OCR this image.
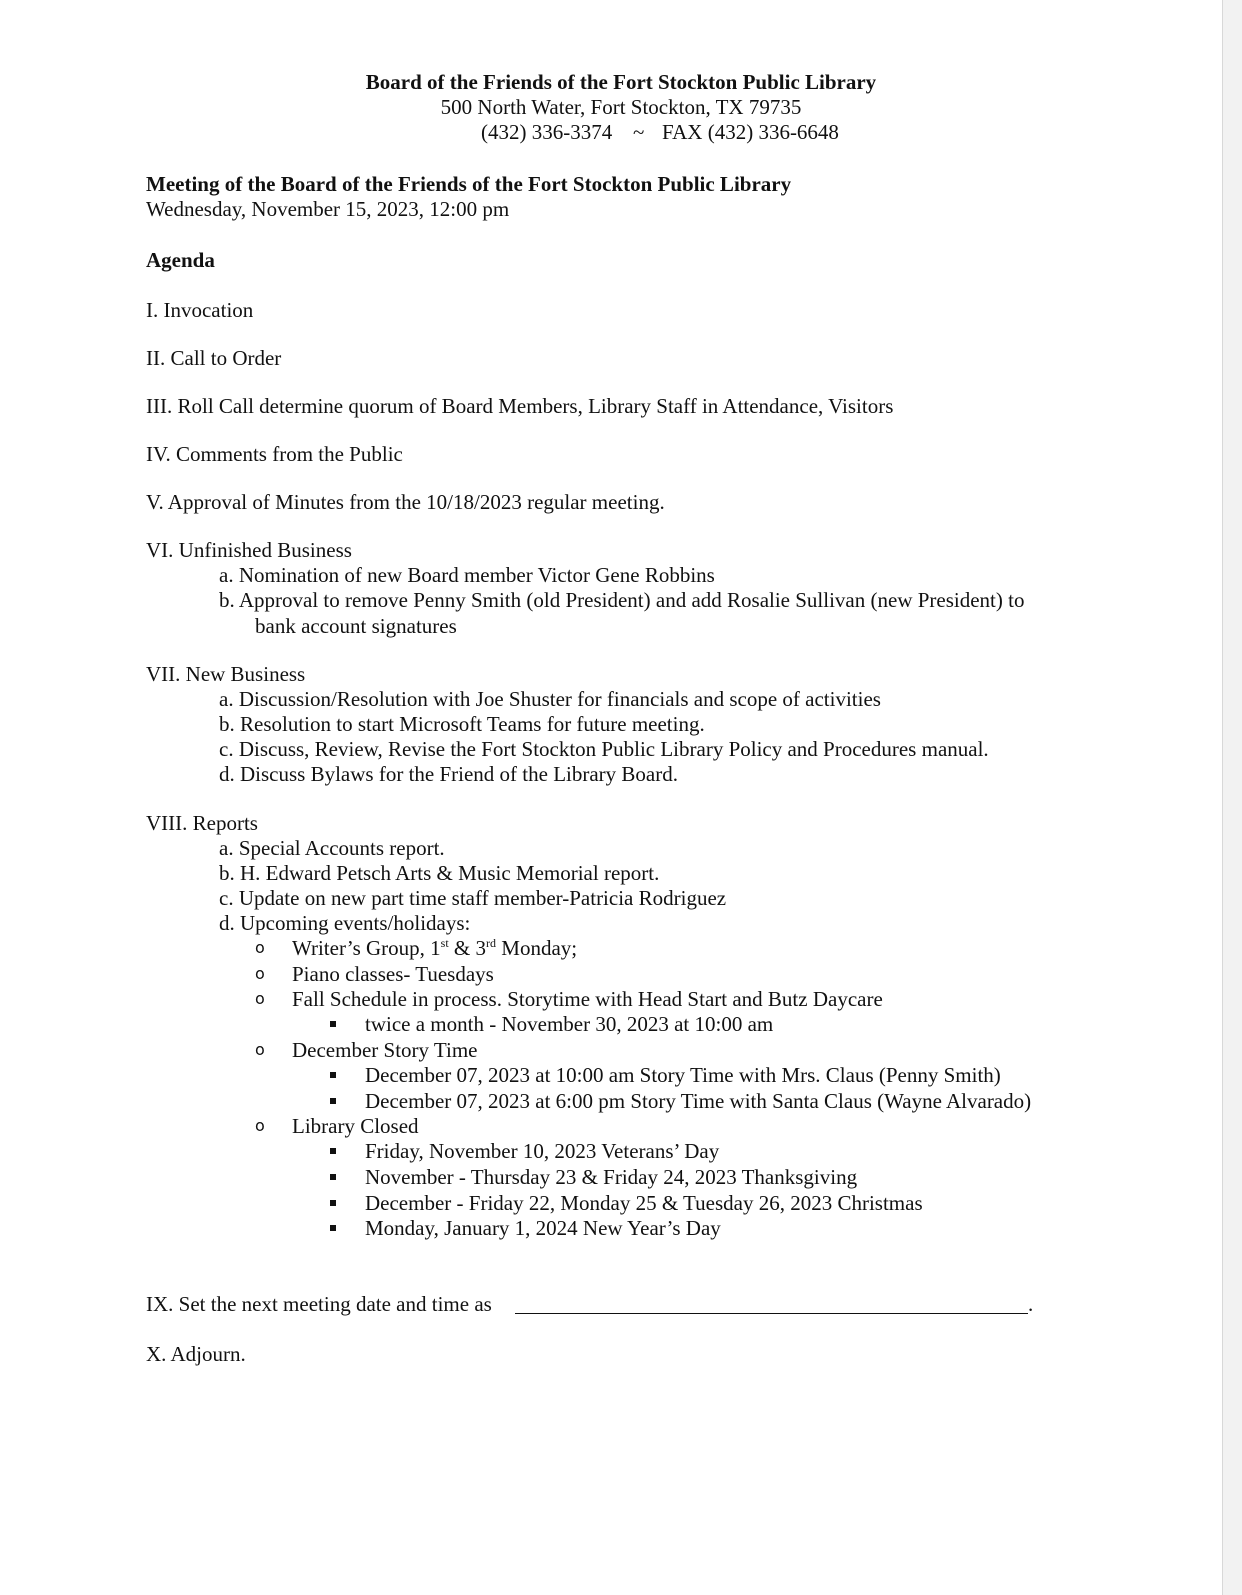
Board of the Friends of the Fort Stockton Public Library
500 North Water, Fort Stockton, TX 79735
(432) 336-3374 ~ FAX (432) 336-6648
Meeting of the Board of the Friends of the Fort Stockton Public Library
Wednesday, November 15, 2023, 12:00 pm
Agenda
I. Invocation
II. Call to Order
III. Roll Call determine quorum of Board Members, Library Staff in Attendance, Visitors
IV. Comments from the Public
V. Approval of Minutes from the 10/18/2023 regular meeting.
VI. Unfinished Business
a. Nomination of new Board member Victor Gene Robbins
b. Approval to remove Penny Smith (old President) and add Rosalie Sullivan (new President) to
bank account signatures
VII. New Business
a. Discussion/Resolution with Joe Shuster for financials and scope of activities
b. Resolution to start Microsoft Teams for future meeting.
c. Discuss, Review, Revise the Fort Stockton Public Library Policy and Procedures manual.
d. Discuss Bylaws for the Friend of the Library Board.
VIII. Reports
a. Special Accounts report.
b. H. Edward Petsch Arts & Music Memorial report.
c. Update on new part time staff member-Patricia Rodriguez
d. Upcoming events/holidays:
o Writer’s Group, 1st & 3rd Monday;
o Piano classes- Tuesdays
o Fall Schedule in process. Storytime with Head Start and Butz Daycare
twice a month - November 30, 2023 at 10:00 am
o December Story Time
December 07, 2023 at 10:00 am Story Time with Mrs. Claus (Penny Smith)
December 07, 2023 at 6:00 pm Story Time with Santa Claus (Wayne Alvarado)
o Library Closed
Friday, November 10, 2023 Veterans’ Day
November - Thursday 23 & Friday 24, 2023 Thanksgiving
December - Friday 22, Monday 25 & Tuesday 26, 2023 Christmas
Monday, January 1, 2024 New Year’s Day
IX. Set the next meeting date and time as	.
X. Adjourn.
